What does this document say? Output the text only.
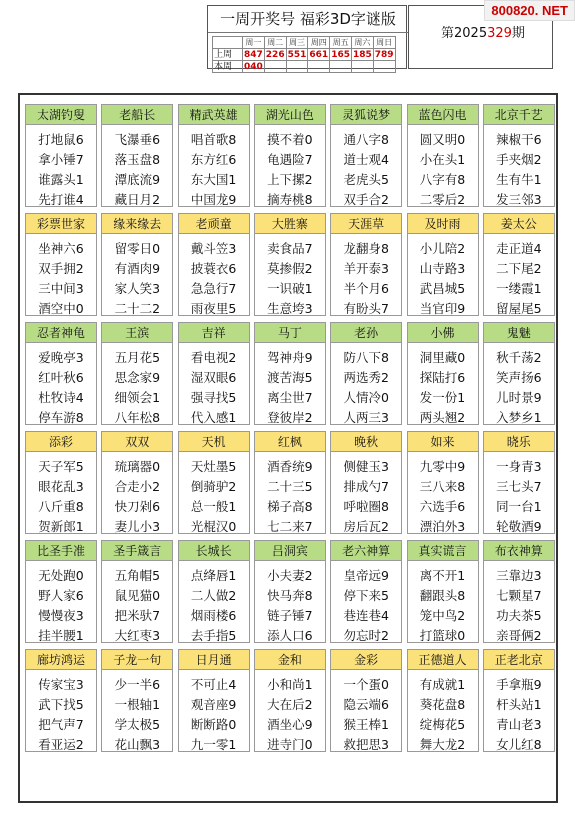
一周开奖号 福彩3D字谜版
	周一	周二	周三	周四	周五	周六	周日
上周	847	226	551	661	165	185	789
本周	040						
第2025329期
800820. NET
太湖钓叟
打地鼠6
拿小锤7
谁露头1
先打谁4
老船长
飞瀑垂6
落玉盘8
潭底流9
藏日月2
精武英雄
唱首歌8
东方红6
东大国1
中国龙9
湖光山色
摸不着0
龟遇险7
上下摞2
摘寿桃8
灵狐说梦
通八字8
道士观4
老虎头5
双手合2
蓝色闪电
圆又明0
小在头1
八字有8
二零后2
北京千艺
辣椒干6
手夹烟2
生有牛1
发三邻3
彩票世家
坐神六6
双手拥2
三中间3
酒空中0
缘来缘去
留零日0
有酒肉9
家人笑3
二十二2
老顽童
戴斗笠3
披蓑衣6
急急行7
雨夜里5
大胜寨
卖食品7
莫掺假2
一识破1
生意垮3
天涯草
龙翻身8
羊开泰3
半个月6
有盼头7
及时雨
小儿陪2
山寺路3
武昌城5
当官印9
姜太公
走正道4
二下尾2
一缕霞1
留屋尾5
忍者神龟
爱晚亭3
红叶秋6
杜牧诗4
停车游8
王滨
五月花5
思念家9
细领会1
八年松8
吉祥
看电视2
湿双眼6
强寻找5
代入感1
马丁
驾神舟9
渡苦海5
离尘世7
登彼岸2
老孙
防八下8
两选秀2
人情冷0
人两三3
小佛
洞里藏0
探陆打6
发一份1
两头翘2
鬼魅
秋千荡2
笑声扬6
儿时景9
入梦乡1
添彩
天子军5
眼花乱3
八斤重8
贺新郎1
双双
琉璃器0
合走小2
快刀剁6
妻儿小3
天机
天灶墨5
倒骑驴2
总一般1
光棍汉0
红枫
酒香统9
二十三5
梯子高8
七二来7
晚秋
侧健玉3
排成勺7
呼啦圈8
房后瓦2
如来
九零中9
三八来8
六选手6
漂泊外3
晓乐
一身青3
三七头7
同一台1
轮敬酒9
比圣手准
无处跑0
野人家6
慢慢夜3
挂半腰1
圣手箴言
五角帽5
鼠见猫0
把米驮7
大红枣3
长城长
点绛唇1
二人做2
烟雨楼6
去手指5
吕洞宾
小夫妻2
快马奔8
链子锤7
添人口6
老六神算
皇帝远9
停下来5
巷连巷4
勿忘时2
真实谎言
离不开1
翻跟头8
笼中鸟2
打篮球0
布衣神算
三靠边3
七颗星7
功夫茶5
亲哥俩2
廊坊鸿运
传家宝3
武下找5
把气声7
看亚运2
子龙一句
少一半6
一根轴1
学太极5
花山飘3
日月通
不可止4
观音座9
断断路0
九一零1
金和
小和尚1
大在后2
酒坐心9
进寺门0
金彩
一个蛋0
隐云端6
猴王棒1
救把思3
正德道人
有成就1
葵花盘8
绽梅花5
舞大龙2
正老北京
手拿瓶9
杆头站1
青山老3
女儿红8
